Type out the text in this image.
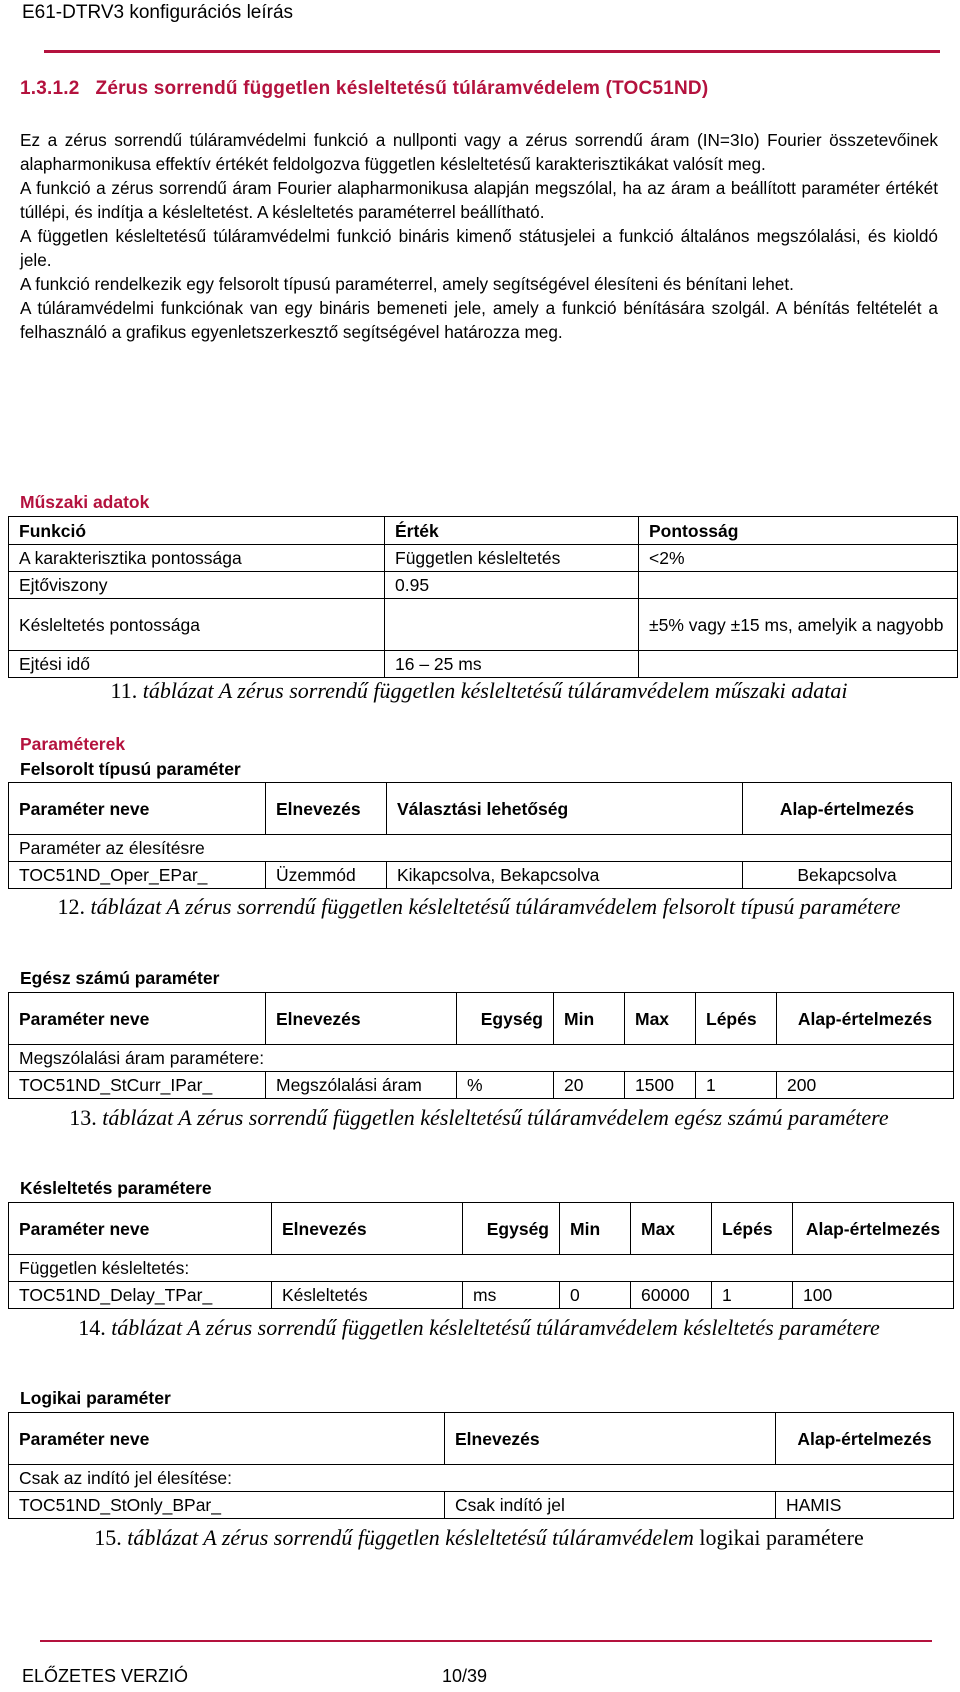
E61-DTRV3 konfigurációs leírás
1.3.1.2 Zérus sorrendű független késleltetésű túláramvédelem (TOC51ND)

Ez a zérus sorrendű túláramvédelmi funkció a nullponti vagy a zérus sorrendű áram (IN=3Io) Fourier összetevőinek alapharmonikusa effektív értékét feldolgozva független késleltetésű karakterisztikákat valósít meg.

A funkció a zérus sorrendű áram Fourier alapharmonikusa alapján megszólal, ha az áram a beállított paraméter értékét túllépi, és indítja a késleltetést. A késleltetés paraméterrel beállítható.

A független késleltetésű túláramvédelmi funkció bináris kimenő státusjelei a funkció általános megszólalási, és kioldó jele.

A funkció rendelkezik egy felsorolt típusú paraméterrel, amely segítségével élesíteni és bénítani lehet.

A túláramvédelmi funkciónak van egy bináris bemeneti jele, amely a funkció bénítására szolgál. A bénítás feltételét a felhasználó a grafikus egyenletszerkesztő segítségével határozza meg.

Műszaki adatok
Funkció	Érték	Pontosság
A karakterisztika pontossága	Független késleltetés	<2%
Ejtőviszony	0.95	
Késleltetés pontossága		±5% vagy ±15 ms, amelyik a nagyobb
Ejtési idő	16 – 25 ms	
11. táblázat A zérus sorrendű független késleltetésű túláramvédelem műszaki adatai
Paraméterek
Felsorolt típusú paraméter
Paraméter neve	Elnevezés	Választási lehetőség	Alap-értelmezés
Paraméter az élesítésre			
TOC51ND_Oper_EPar_	Üzemmód	Kikapcsolva, Bekapcsolva	Bekapcsolva
12. táblázat A zérus sorrendű független késleltetésű túláramvédelem felsorolt típusú paramétere
Egész számú paraméter
Paraméter neve	Elnevezés	Egység	Min	Max	Lépés	Alap-értelmezés
Megszólalási áram paramétere:						
TOC51ND_StCurr_IPar_	Megszólalási áram	%	20	1500	1	200
13. táblázat A zérus sorrendű független késleltetésű túláramvédelem egész számú paramétere
Késleltetés paramétere
Paraméter neve	Elnevezés	Egység	Min	Max	Lépés	Alap-értelmezés
Független késleltetés:						
TOC51ND_Delay_TPar_	Késleltetés	ms	0	60000	1	100
14. táblázat A zérus sorrendű független késleltetésű túláramvédelem késleltetés paramétere
Logikai paraméter
Paraméter neve	Elnevezés	Alap-értelmezés
Csak az indító jel élesítése:		
TOC51ND_StOnly_BPar_	Csak indító jel	HAMIS
15. táblázat A zérus sorrendű független késleltetésű túláramvédelem logikai paramétere
ELŐZETES VERZIÓ	10/39
